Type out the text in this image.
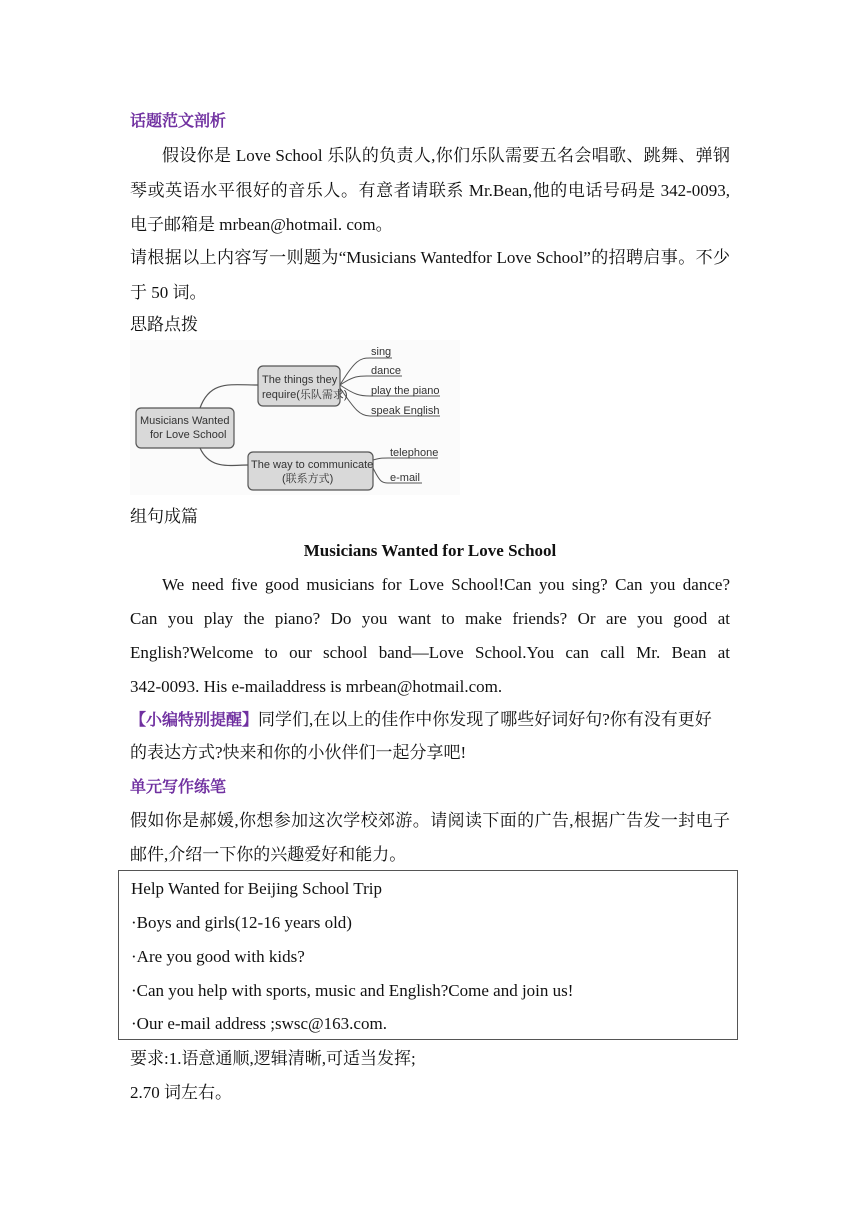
话题范文剖析
假设你是 Love School 乐队的负责人,你们乐队需要五名会唱歌、跳舞、弹钢
琴或英语水平很好的音乐人。有意者请联系 Mr.Bean,他的电话号码是 342-0093,
电子邮箱是 mrbean@hotmail. com。
请根据以上内容写一则题为“Musicians Wantedfor Love School”的招聘启事。不少
于 50 词。
思路点拨
Musicians Wanted
for Love School
The things they
require(乐队需求)
The way to communicate
(联系方式)
sing
dance
play the piano
speak English
telephone
e-mail
组句成篇
Musicians Wanted for Love School
We need five good musicians for Love School!Can you sing? Can you dance?
Can you play the piano? Do you want to make friends? Or are you good at
English?Welcome to our school band—Love School.You can call Mr. Bean at
342-0093. His e-mailaddress is mrbean@hotmail.com.
【小编特别提醒】同学们,在以上的佳作中你发现了哪些好词好句?你有没有更好
的表达方式?快来和你的小伙伴们一起分享吧!
单元写作练笔
假如你是郝媛,你想参加这次学校郊游。请阅读下面的广告,根据广告发一封电子
邮件,介绍一下你的兴趣爱好和能力。
要求:1.语意通顺,逻辑清晰,可适当发挥;
2.70 词左右。
Help Wanted for Beijing School Trip
·Boys and girls(12-16 years old)
·Are you good with kids?
·Can you help with sports, music and English?Come and join us!
·Our e-mail address ;swsc@163.com.
